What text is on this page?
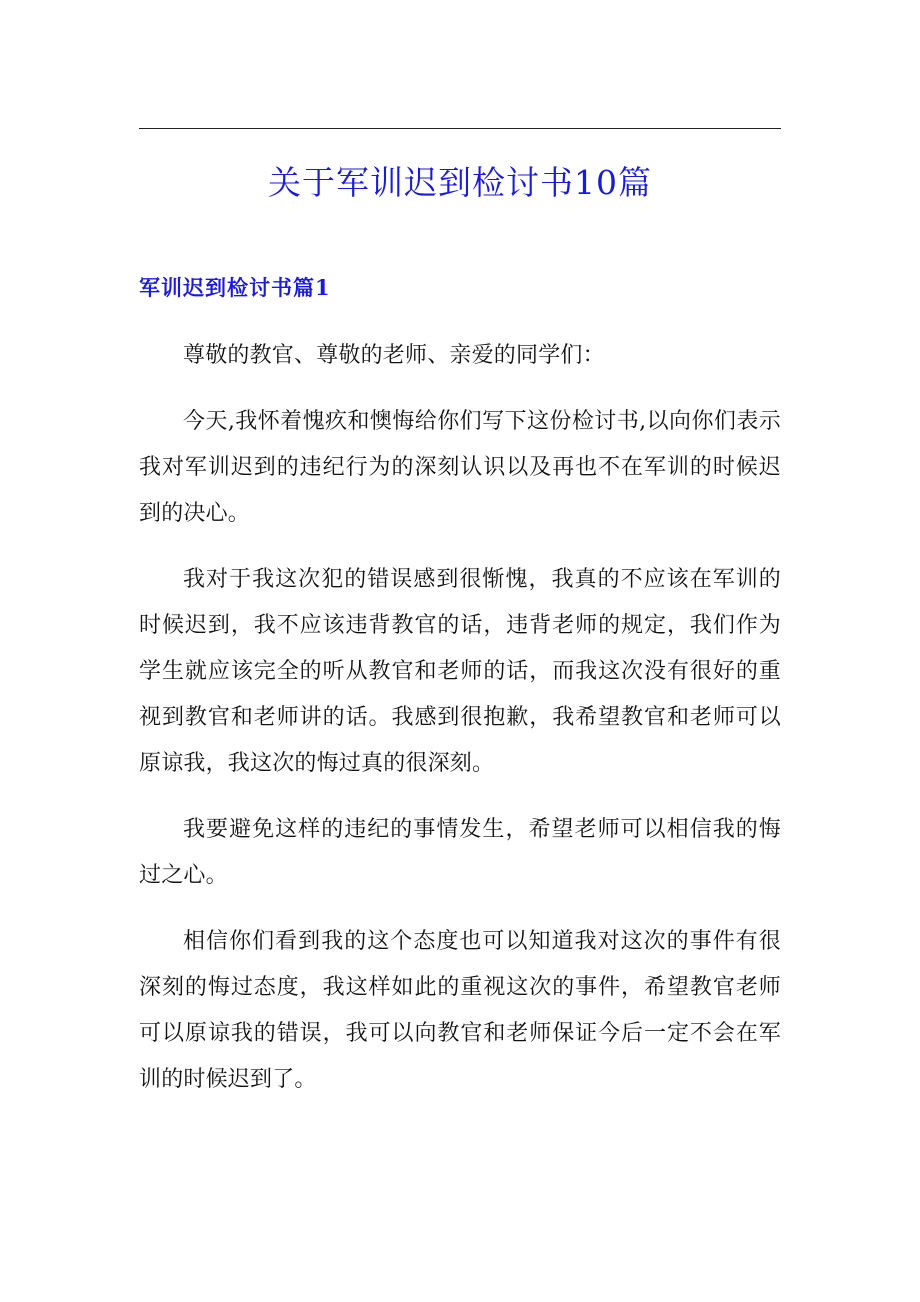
关于军训迟到检讨书10篇
军训迟到检讨书篇1

尊敬的教官、尊敬的老师、亲爱的同学们：

今天,我怀着愧疚和懊悔给你们写下这份检讨书,以向你们表示我对军训迟到的违纪行为的深刻认识以及再也不在军训的时候迟到的决心。

我对于我这次犯的错误感到很惭愧，我真的不应该在军训的时候迟到，我不应该违背教官的话，违背老师的规定，我们作为学生就应该完全的听从教官和老师的话，而我这次没有很好的重视到教官和老师讲的话。我感到很抱歉，我希望教官和老师可以原谅我，我这次的悔过真的很深刻。

我要避免这样的违纪的事情发生，希望老师可以相信我的悔过之心。

相信你们看到我的这个态度也可以知道我对这次的事件有很深刻的悔过态度，我这样如此的重视这次的事件，希望教官老师可以原谅我的错误，我可以向教官和老师保证今后一定不会在军训的时候迟到了。
